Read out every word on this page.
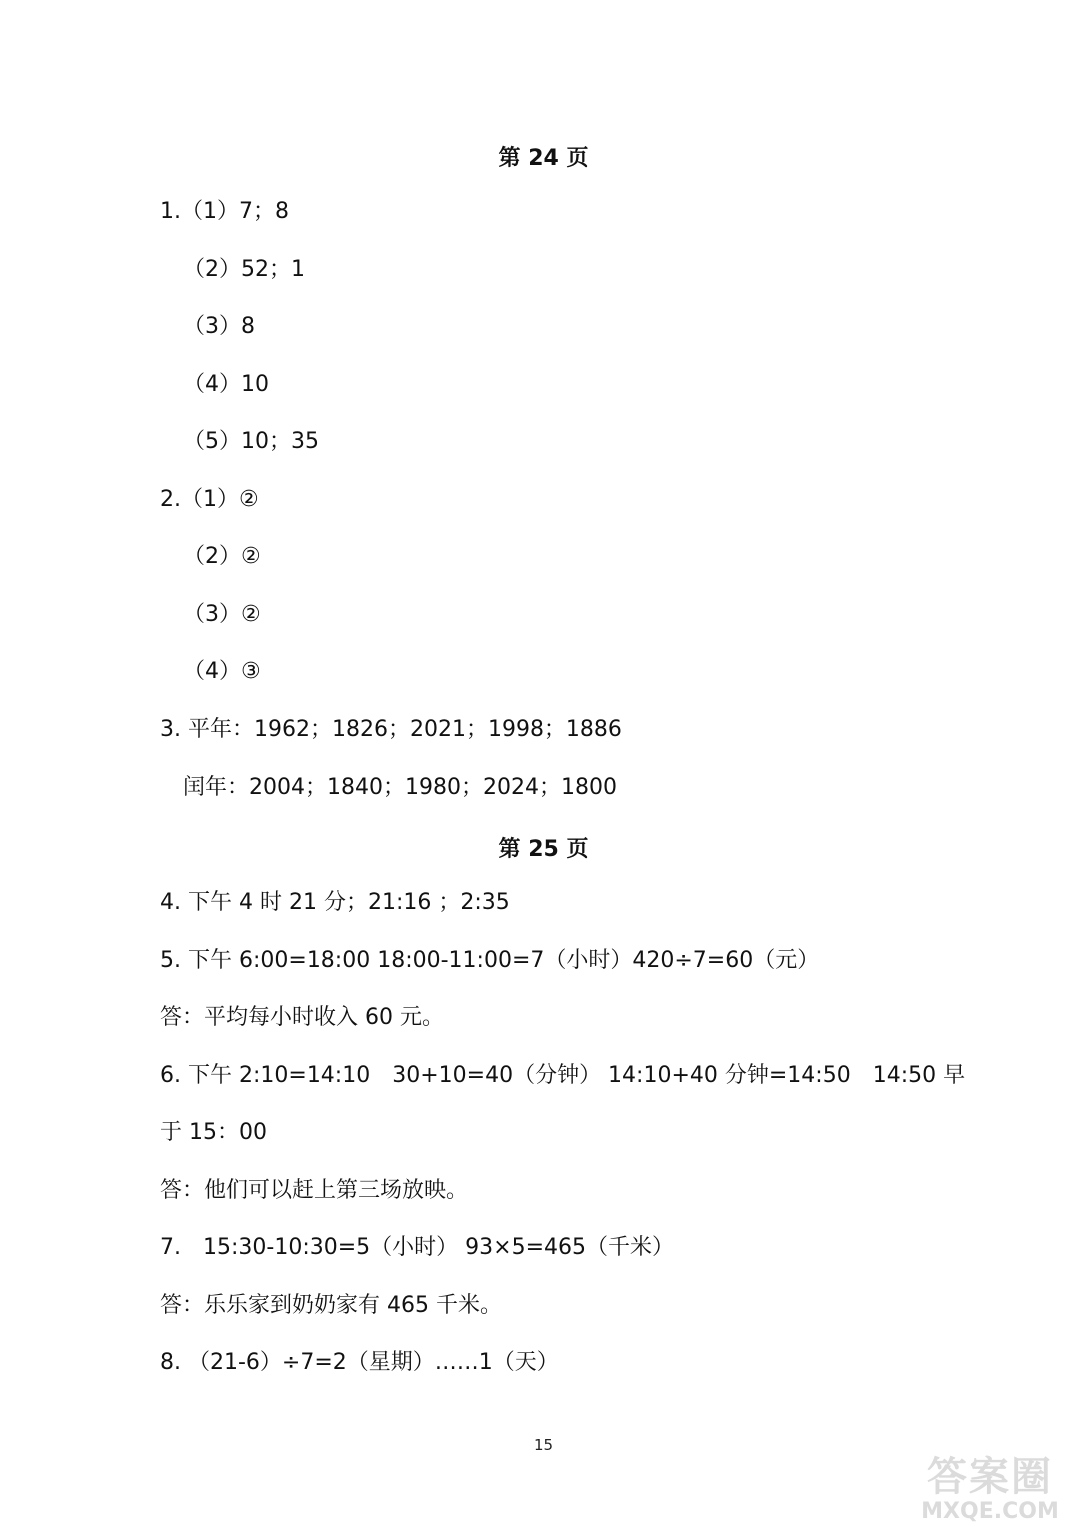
第 24 页
1.（1）7；8
（2）52；1
（3）8
（4）10
（5）10；35
2.（1）②
（2）②
（3）②
（4）③
3. 平年：1962；1826；2021；1998；1886
闰年：2004；1840；1980；2024；1800
第 25 页
4. 下午 4 时 21 分；21:16 ；2:35
5. 下午 6:00=18:00 18:00-11:00=7（小时）420÷7=60（元）
答：平均每小时收入 60 元。
6. 下午 2:10=14:10　30+10=40（分钟） 14:10+40 分钟=14:50　14:50 早
于 15：00
答：他们可以赶上第三场放映。
7.　15:30-10:30=5（小时） 93×5=465（千米）
答：乐乐家到奶奶家有 465 千米。
8. （21-6）÷7=2（星期）……1（天）
15
答案圈
MXQE.COM
